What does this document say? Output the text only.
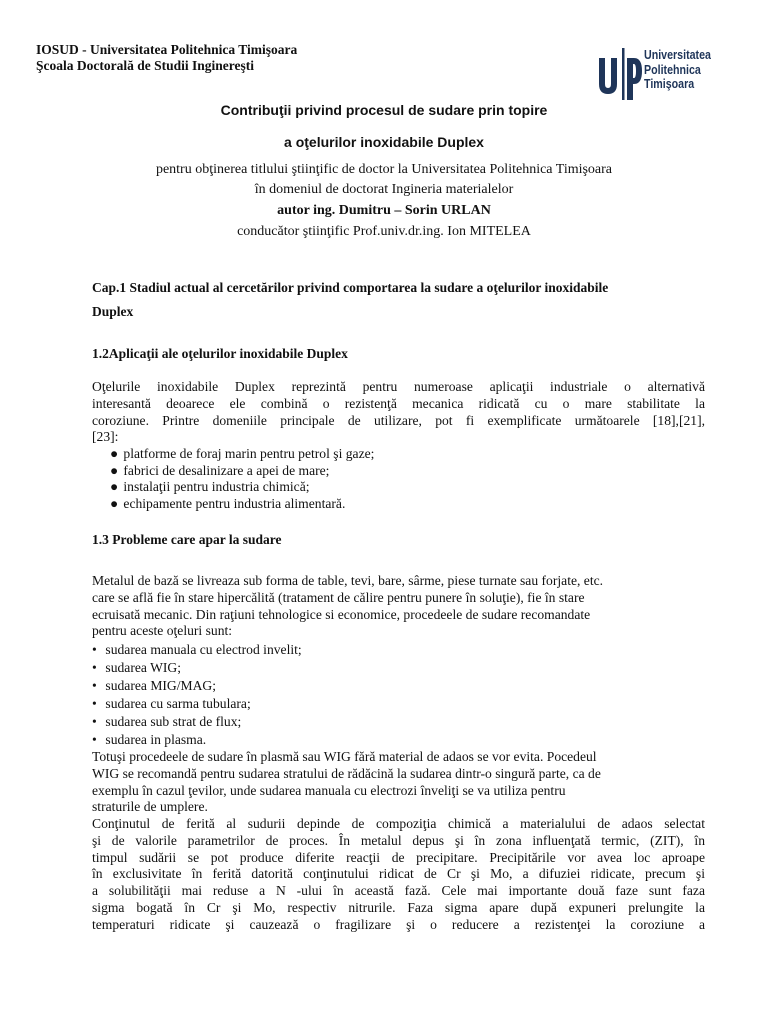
IOSUD - Universitatea Politehnica Timişoara
Şcoala Doctorală de Studii Inginereşti
Universitatea
Politehnica
Timişoara
Contribuţii privind procesul de sudare prin topire
a oţelurilor inoxidabile Duplex
pentru obţinerea titlului ştiinţific de doctor la Universitatea Politehnica Timişoara
în domeniul de doctorat Ingineria materialelor
autor ing. Dumitru – Sorin URLAN
conducător ştiinţific Prof.univ.dr.ing. Ion MITELEA
Cap.1 Stadiul actual al cercetărilor privind comportarea la sudare a oţelurilor inoxidabile
Duplex
1.2Aplicaţii ale oţelurilor inoxidabile Duplex
Oţelurile inoxidabile Duplex reprezintă pentru numeroase aplicaţii industriale o alternativă
interesantă deoarece ele combină o rezistenţă mecanica ridicată cu o mare stabilitate la
coroziune. Printre domeniile principale de utilizare, pot fi exemplificate următoarele [18],[21],
[23]:
● platforme de foraj marin pentru petrol şi gaze;
● fabrici de desalinizare a apei de mare;
● instalaţii pentru industria chimică;
● echipamente pentru industria alimentară.
1.3 Probleme care apar la sudare
Metalul de bază se livreaza sub forma de table, tevi, bare, sârme, piese turnate sau forjate, etc.
care se află fie în stare hipercălită (tratament de călire pentru punere în soluţie), fie în stare
ecruisată mecanic. Din raţiuni tehnologice si economice, procedeele de sudare recomandate
pentru aceste oţeluri sunt:
• sudarea manuala cu electrod invelit;
• sudarea WIG;
• sudarea MIG/MAG;
• sudarea cu sarma tubulara;
• sudarea sub strat de flux;
• sudarea in plasma.
Totuşi procedeele de sudare în plasmă sau WIG fără material de adaos se vor evita. Pocedeul
WIG se recomandă pentru sudarea stratului de rădăcină la sudarea dintr-o singură parte, ca de
exemplu în cazul ţevilor, unde sudarea manuala cu electrozi înveliţi se va utiliza pentru
straturile de umplere.
Conţinutul de ferită al sudurii depinde de compoziţia chimică a materialului de adaos selectat
şi de valorile parametrilor de proces. În metalul depus şi în zona influenţată termic, (ZIT), în
timpul sudării se pot produce diferite reacţii de precipitare. Precipitările vor avea loc aproape
în exclusivitate în ferită datorită conţinutului ridicat de Cr şi Mo, a difuziei ridicate, precum şi
a solubilităţii mai reduse a N -ului în această fază. Cele mai importante două faze sunt faza
sigma bogată în Cr şi Mo, respectiv nitrurile. Faza sigma apare după expuneri prelungite la
temperaturi ridicate şi cauzează o fragilizare şi o reducere a rezistenţei la coroziune a
